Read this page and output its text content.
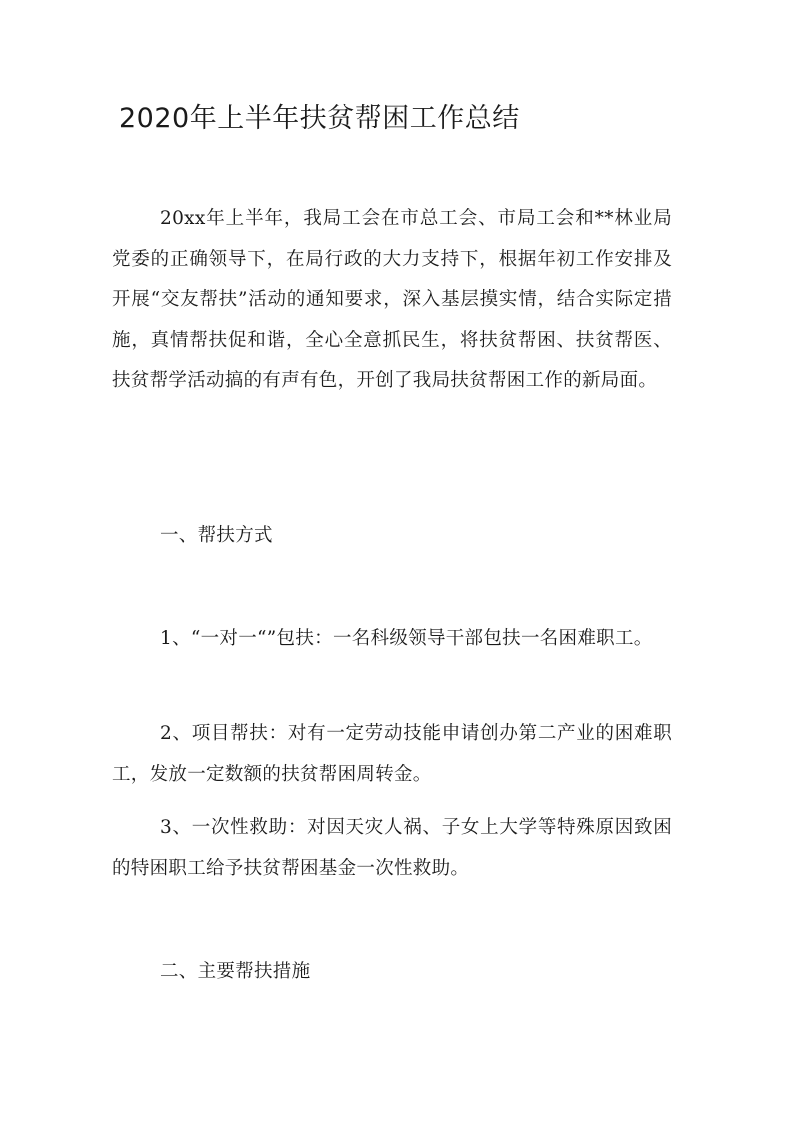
2020年上半年扶贫帮困工作总结

20xx年上半年，我局工会在市总工会、市局工会和**林业局党委的正确领导下，在局行政的大力支持下，根据年初工作安排及开展“交友帮扶”活动的通知要求，深入基层摸实情，结合实际定措施，真情帮扶促和谐，全心全意抓民生，将扶贫帮困、扶贫帮医、扶贫帮学活动搞的有声有色，开创了我局扶贫帮困工作的新局面。

一、帮扶方式

1、“一对一“”包扶：一名科级领导干部包扶一名困难职工。

2、项目帮扶：对有一定劳动技能申请创办第二产业的困难职工，发放一定数额的扶贫帮困周转金。

3、一次性救助：对因天灾人祸、子女上大学等特殊原因致困的特困职工给予扶贫帮困基金一次性救助。

二、主要帮扶措施
